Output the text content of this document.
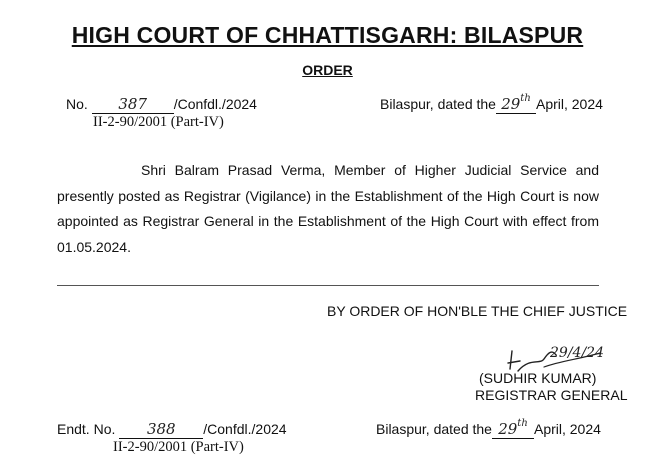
HIGH COURT OF CHHATTISGARH: BILASPUR
ORDER
No. 387 /Confdl./2024
II-2-90/2001 (Part-IV)
Bilaspur, dated the 29th April, 2024
Shri Balram Prasad Verma, Member of Higher Judicial Service and presently posted as Registrar (Vigilance) in the Establishment of the High Court is now appointed as Registrar General in the Establishment of the High Court with effect from 01.05.2024.
BY ORDER OF HON'BLE THE CHIEF JUSTICE
29/4/24
(SUDHIR KUMAR)
REGISTRAR GENERAL
Endt. No. 388 /Confdl./2024
II-2-90/2001 (Part-IV)
Bilaspur, dated the 29th April, 2024
